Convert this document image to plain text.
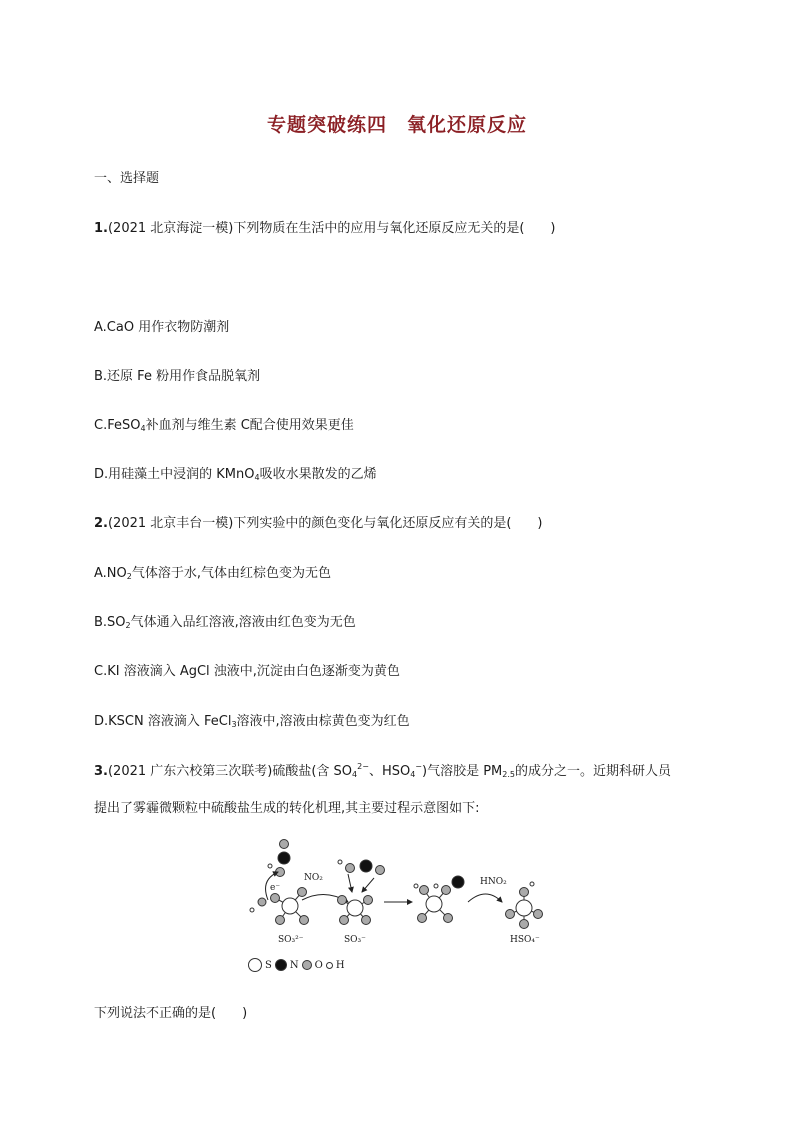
专题突破练四　氧化还原反应
一、选择题
1.(2021 北京海淀一模)下列物质在生活中的应用与氧化还原反应无关的是(　　)
A.CaO 用作衣物防潮剂
B.还原 Fe 粉用作食品脱氧剂
C.FeSO$_4$补血剂与维生素 C配合使用效果更佳
D.用硅藻土中浸润的 KMnO$_4$吸收水果散发的乙烯
2.(2021 北京丰台一模)下列实验中的颜色变化与氧化还原反应有关的是(　　)
$A.NO_2$气体溶于水,气体由红棕色变为无色
$B.SO_2$气体通入品红溶液,溶液由红色变为无色
C.KI 溶液滴入 AgCl 浊液中,沉淀由白色逐渐变为黄色
D.KSCN 溶液滴入 FeCl$_3$溶液中,溶液由棕黄色变为红色
3.(2021 广东六校第三次联考)硫酸盐(含 $SO_4^{2-}$、$HSO_4^-$)气溶胶是 $PM_{2.5}$的成分之一。近期科研人员
提出了雾霾微颗粒中硫酸盐生成的转化机理,其主要过程示意图如下:
e⁻
NO₂	HNO₂
SO₃²⁻	SO₃⁻	HSO₄⁻
S N O H
下列说法不正确的是(　　)
